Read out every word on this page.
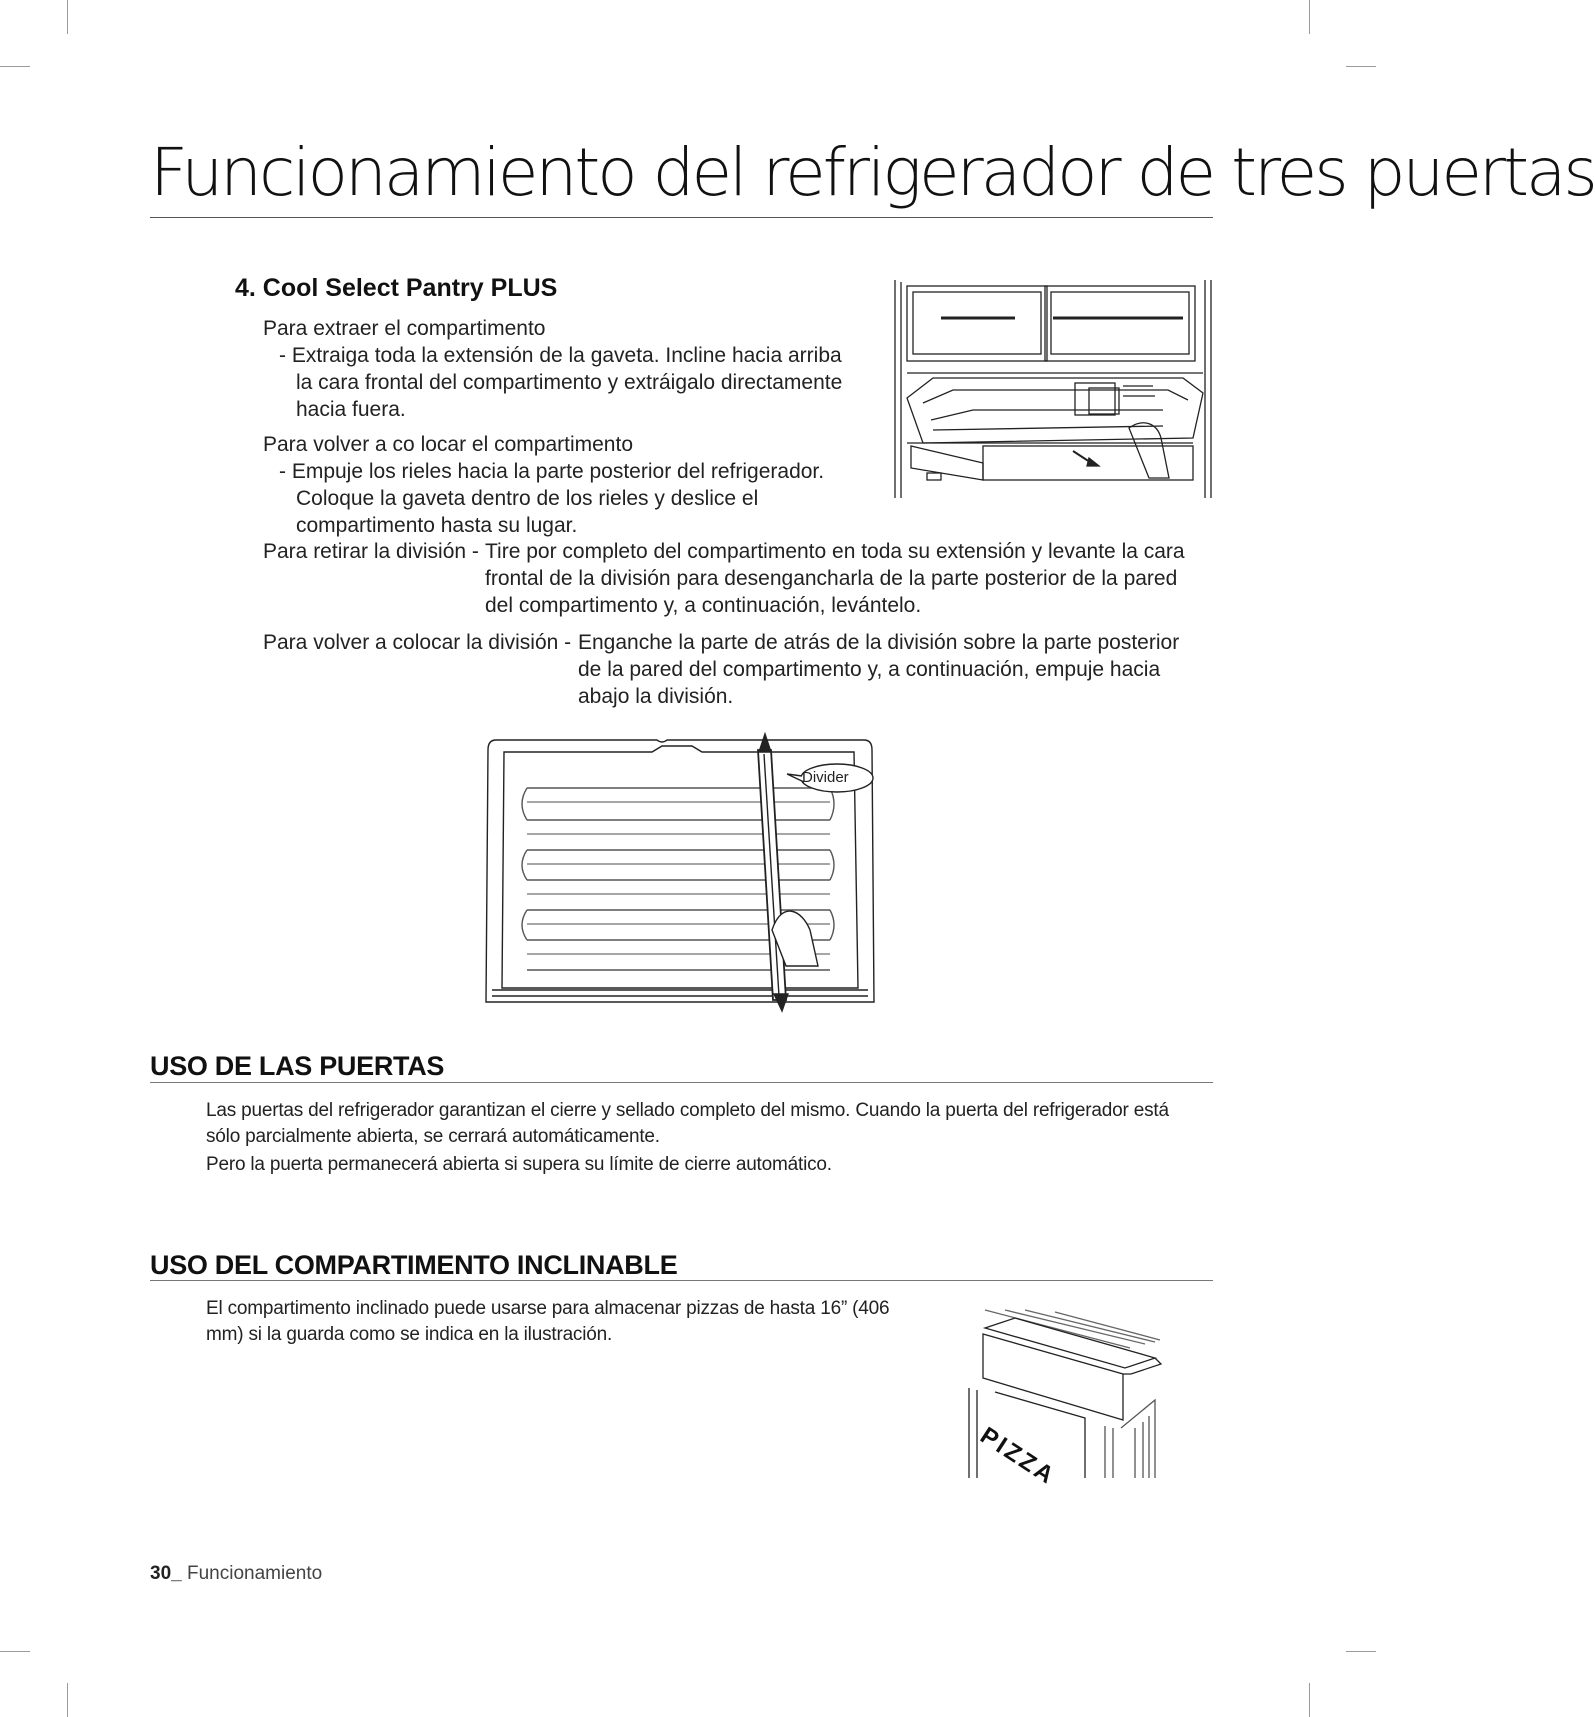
Funcionamiento del refrigerador de tres puertas
4. Cool Select Pantry PLUS

Para extraer el compartimento

- Extraiga toda la extensión de la gaveta. Incline hacia arriba

la cara frontal del compartimento y extráigalo directamente

hacia fuera.

Para volver a co locar el compartimento

- Empuje los rieles hacia la parte posterior del refrigerador.

Coloque la gaveta dentro de los rieles y deslice el

compartimento hasta su lugar.

Para retirar la división - Tire por completo del compartimento en toda su extensión y levante la cara

frontal de la división para desengancharla de la parte posterior de la pared

del compartimento y, a continuación, levántelo.

Para volver a colocar la división - Enganche la parte de atrás de la división sobre la parte posterior

de la pared del compartimento y, a continuación, empuje hacia

abajo la división.

Divider
USO DE LAS PUERTAS

Las puertas del refrigerador garantizan el cierre y sellado completo del mismo. Cuando la puerta del refrigerador está

sólo parcialmente abierta, se cerrará automáticamente.

Pero la puerta permanecerá abierta si supera su límite de cierre automático.

USO DEL COMPARTIMENTO INCLINABLE

El compartimento inclinado puede usarse para almacenar pizzas de hasta 16” (406

mm) si la guarda como se indica en la ilustración.

PIZZA
30_ Funcionamiento
